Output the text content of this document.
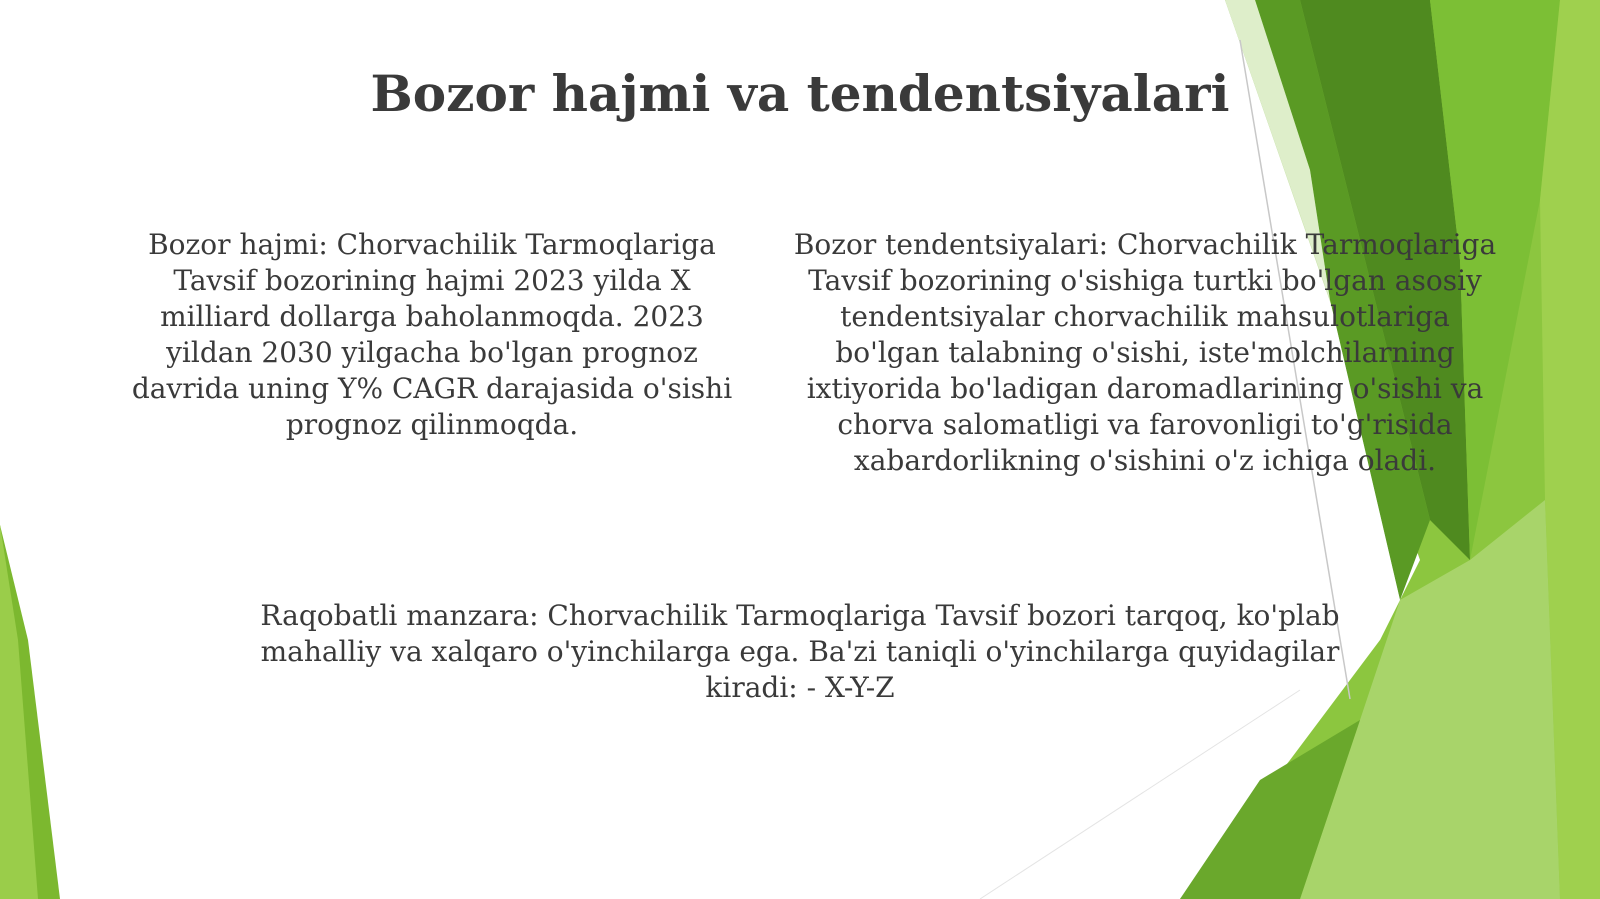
Bozor hajmi va tendentsiyalari

Bozor hajmi: Chorvachilik Tarmoqlariga Tavsif bozorining hajmi 2023 yilda X milliard dollarga baholanmoqda. 2023 yildan 2030 yilgacha bo'lgan prognoz davrida uning Y% CAGR darajasida o'sishi prognoz qilinmoqda.

Bozor tendentsiyalari: Chorvachilik Tarmoqlariga Tavsif bozorining o'sishiga turtki bo'lgan asosiy tendentsiyalar chorvachilik mahsulotlariga bo'lgan talabning o'sishi, iste'molchilarning ixtiyorida bo'ladigan daromadlarining o'sishi va chorva salomatligi va farovonligi to'g'risida xabardorlikning o'sishini o'z ichiga oladi.

Raqobatli manzara: Chorvachilik Tarmoqlariga Tavsif bozori tarqoq, ko'plab mahalliy va xalqaro o'yinchilarga ega. Ba'zi taniqli o'yinchilarga quyidagilar kiradi: - X-Y-Z
